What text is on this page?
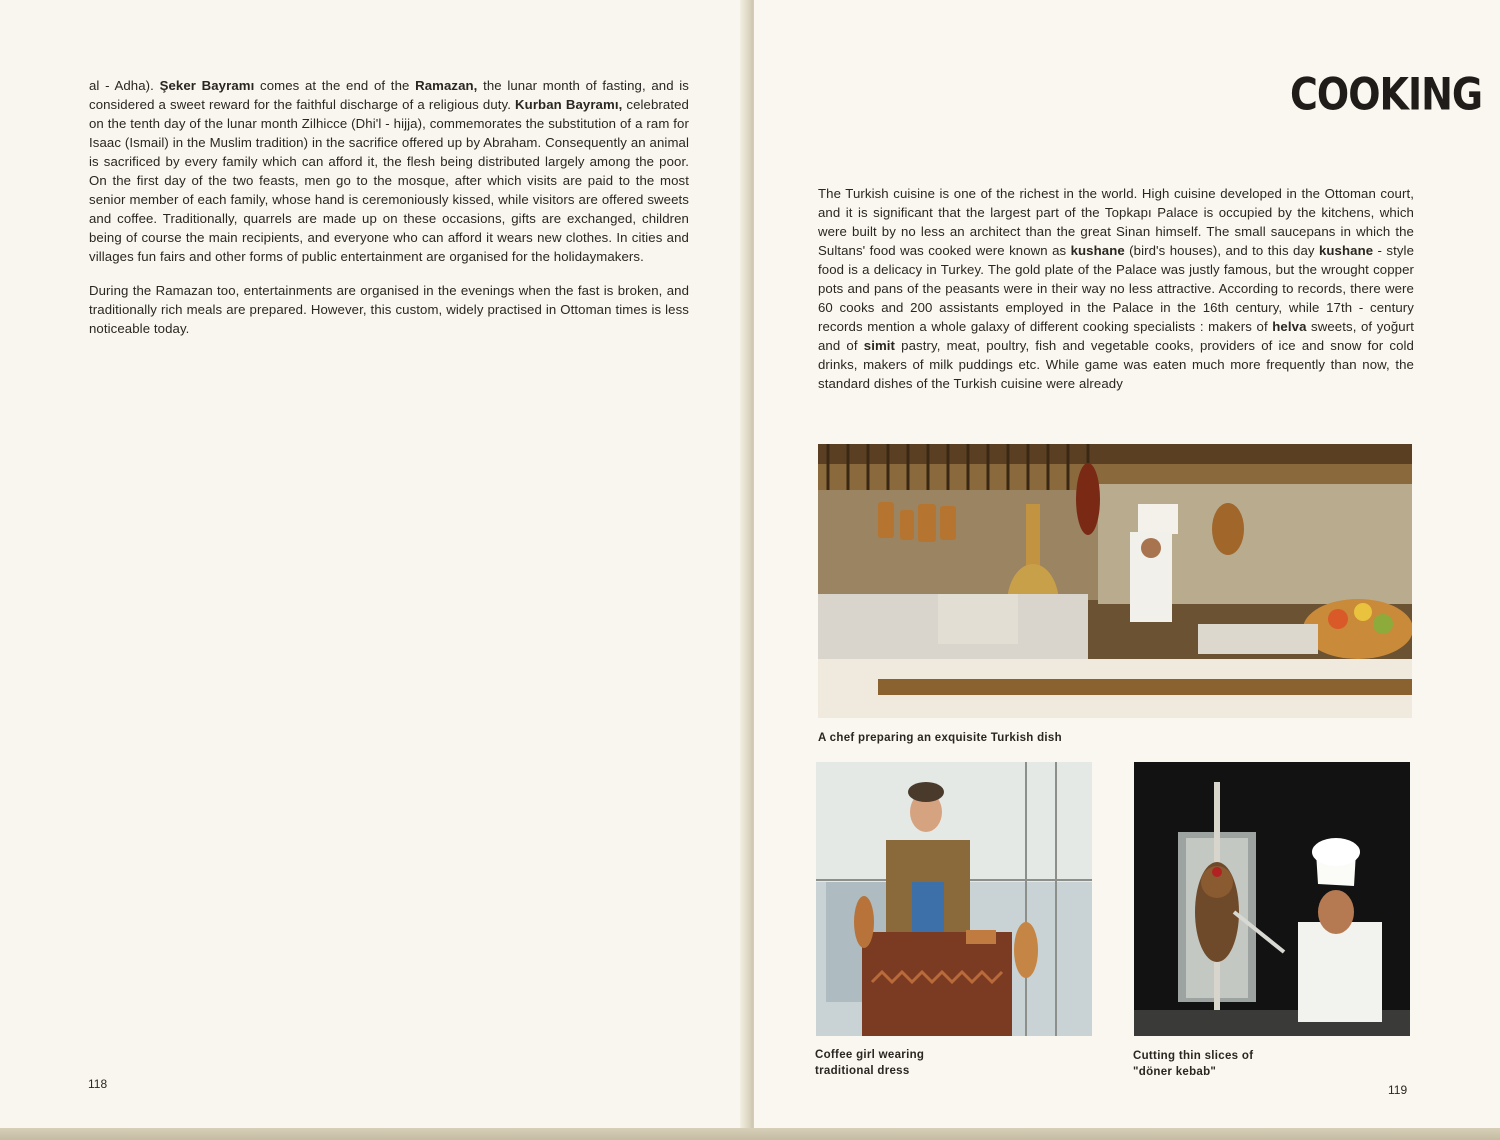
al - Adha). Şeker Bayramı comes at the end of the Ramazan, the lunar month of fasting, and is considered a sweet reward for the faithful discharge of a religious duty. Kurban Bayramı, celebrated on the tenth day of the lunar month Zilhicce (Dhi'l - hijja), commemorates the substitution of a ram for Isaac (Ismail) in the Muslim tradition) in the sacrifice offered up by Abraham. Consequently an animal is sacrificed by every family which can afford it, the flesh being distributed largely among the poor. On the first day of the two feasts, men go to the mosque, after which visits are paid to the most senior member of each family, whose hand is ceremoniously kissed, while visitors are offered sweets and coffee. Traditionally, quarrels are made up on these occasions, gifts are exchanged, children being of course the main recipients, and everyone who can afford it wears new clothes. In cities and villages fun fairs and other forms of public entertainment are organised for the holidaymakers.

During the Ramazan too, entertainments are organised in the evenings when the fast is broken, and traditionally rich meals are prepared. However, this custom, widely practised in Ottoman times is less noticeable today.

118
COOKING

The Turkish cuisine is one of the richest in the world. High cuisine developed in the Ottoman court, and it is significant that the largest part of the Topkapı Palace is occupied by the kitchens, which were built by no less an architect than the great Sinan himself. The small saucepans in which the Sultans' food was cooked were known as kushane (bird's houses), and to this day kushane - style food is a delicacy in Turkey. The gold plate of the Palace was justly famous, but the wrought copper pots and pans of the peasants were in their way no less attractive. According to records, there were 60 cooks and 200 assistants employed in the Palace in the 16th century, while 17th - century records mention a whole galaxy of different cooking specialists : makers of helva sweets, of yoğurt and of simit pastry, meat, poultry, fish and vegetable cooks, providers of ice and snow for cold drinks, makers of milk puddings etc. While game was eaten much more frequently than now, the standard dishes of the Turkish cuisine were already

A chef preparing an exquisite Turkish dish
Coffee girl wearing traditional dress
Cutting thin slices of "döner kebab"
119
